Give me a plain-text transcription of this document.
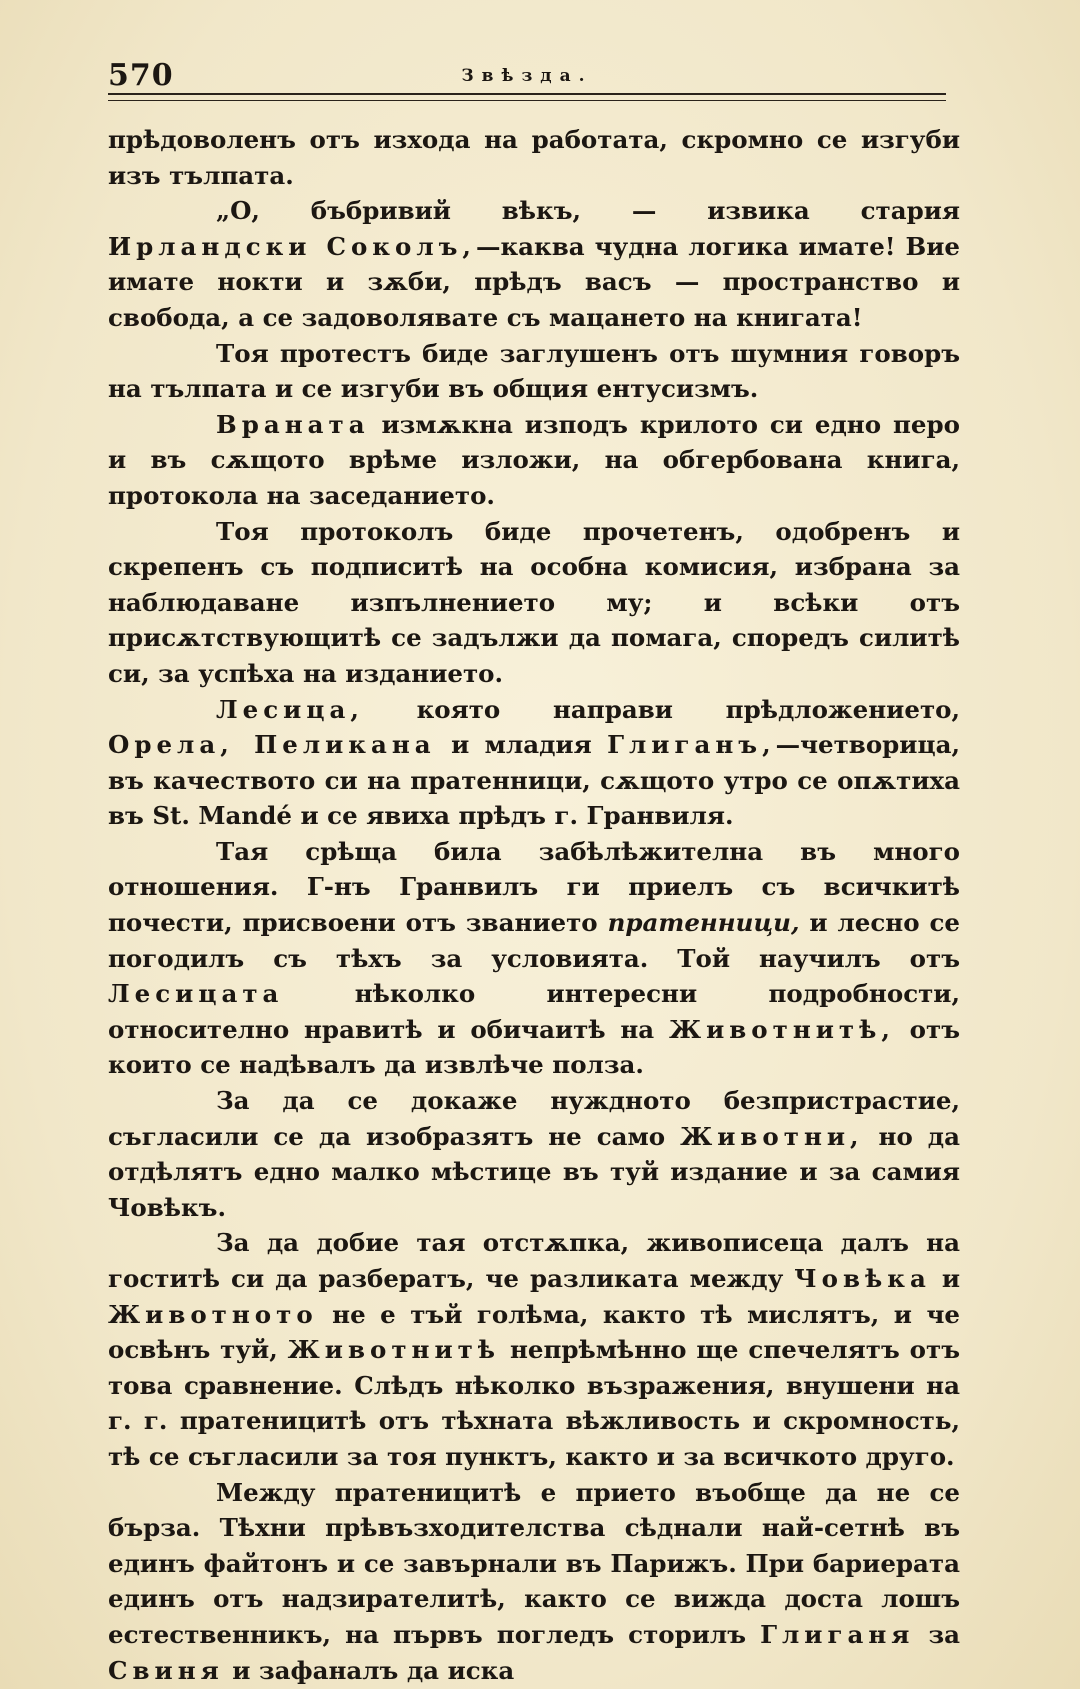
570	Звѣзда.

прѣдоволенъ отъ изхода на работата, скромно се изгуби изъ тълпата.

„О, бъбривий вѣкъ, — извика стария Ирландски Соколъ,—каква чудна логика имате! Вие имате нокти и зѫби, прѣдъ васъ — пространство и свобода, а се задоволявате съ мацането на книгата!

Тоя протестъ биде заглушенъ отъ шумния говоръ на тълпата и се изгуби въ общия ентусизмъ.

Враната измѫкна изподъ крилото си едно перо и въ сѫщото врѣме изложи, на обгербована книга, протокола на заседанието.

Тоя протоколъ биде прочетенъ, одобренъ и скрепенъ съ подписитѣ на особна комисия, избрана за наблюдаване изпълнението му; и всѣки отъ присѫтствующитѣ се задължи да помага, споредъ силитѣ си, за успѣха на изданието.

Лесица, която направи прѣдложението, Орела, Пеликана и младия Глиганъ,—четворица, въ качеството си на пратенници, сѫщото утро се опѫтиха въ St. Mandé и се явиха прѣдъ г. Гранвиля.

Тая срѣща била забѣлѣжителна въ много отношения. Г-нъ Гранвилъ ги приелъ съ всичкитѣ почести, присвоени отъ званието пратенници, и лесно се погодилъ съ тѣхъ за условията. Той научилъ отъ Лесицата нѣколко интересни подробности, относително нравитѣ и обичаитѣ на Животнитѣ, отъ които се надѣвалъ да извлѣче полза.

За да се докаже нуждното безпристрастие, съгласили се да изобразятъ не само Животни, но да отдѣлятъ едно малко мѣстице въ туй издание и за самия Човѣкъ.

За да добие тая отстѫпка, живописеца далъ на гоститѣ си да разбератъ, че разликата между Човѣка и Животното не е тъй голѣма, както тѣ мислятъ, и че освѣнъ туй, Животнитѣ непрѣмѣнно ще спечелятъ отъ това сравнение. Слѣдъ нѣколко възражения, внушени на г. г. пратеницитѣ отъ тѣхната вѣжливость и скромность, тѣ се съгласили за тоя пунктъ, както и за всичкото друго.

Между пратеницитѣ е прието въобще да не се бърза. Тѣхни прѣвъзходителства сѣднали най-сетнѣ въ единъ файтонъ и се завърнали въ Парижъ. При бариерата единъ отъ надзирателитѣ, както се вижда доста лошъ естественникъ, на първъ погледъ сторилъ Глиганя за Свиня и зафаналъ да иска
